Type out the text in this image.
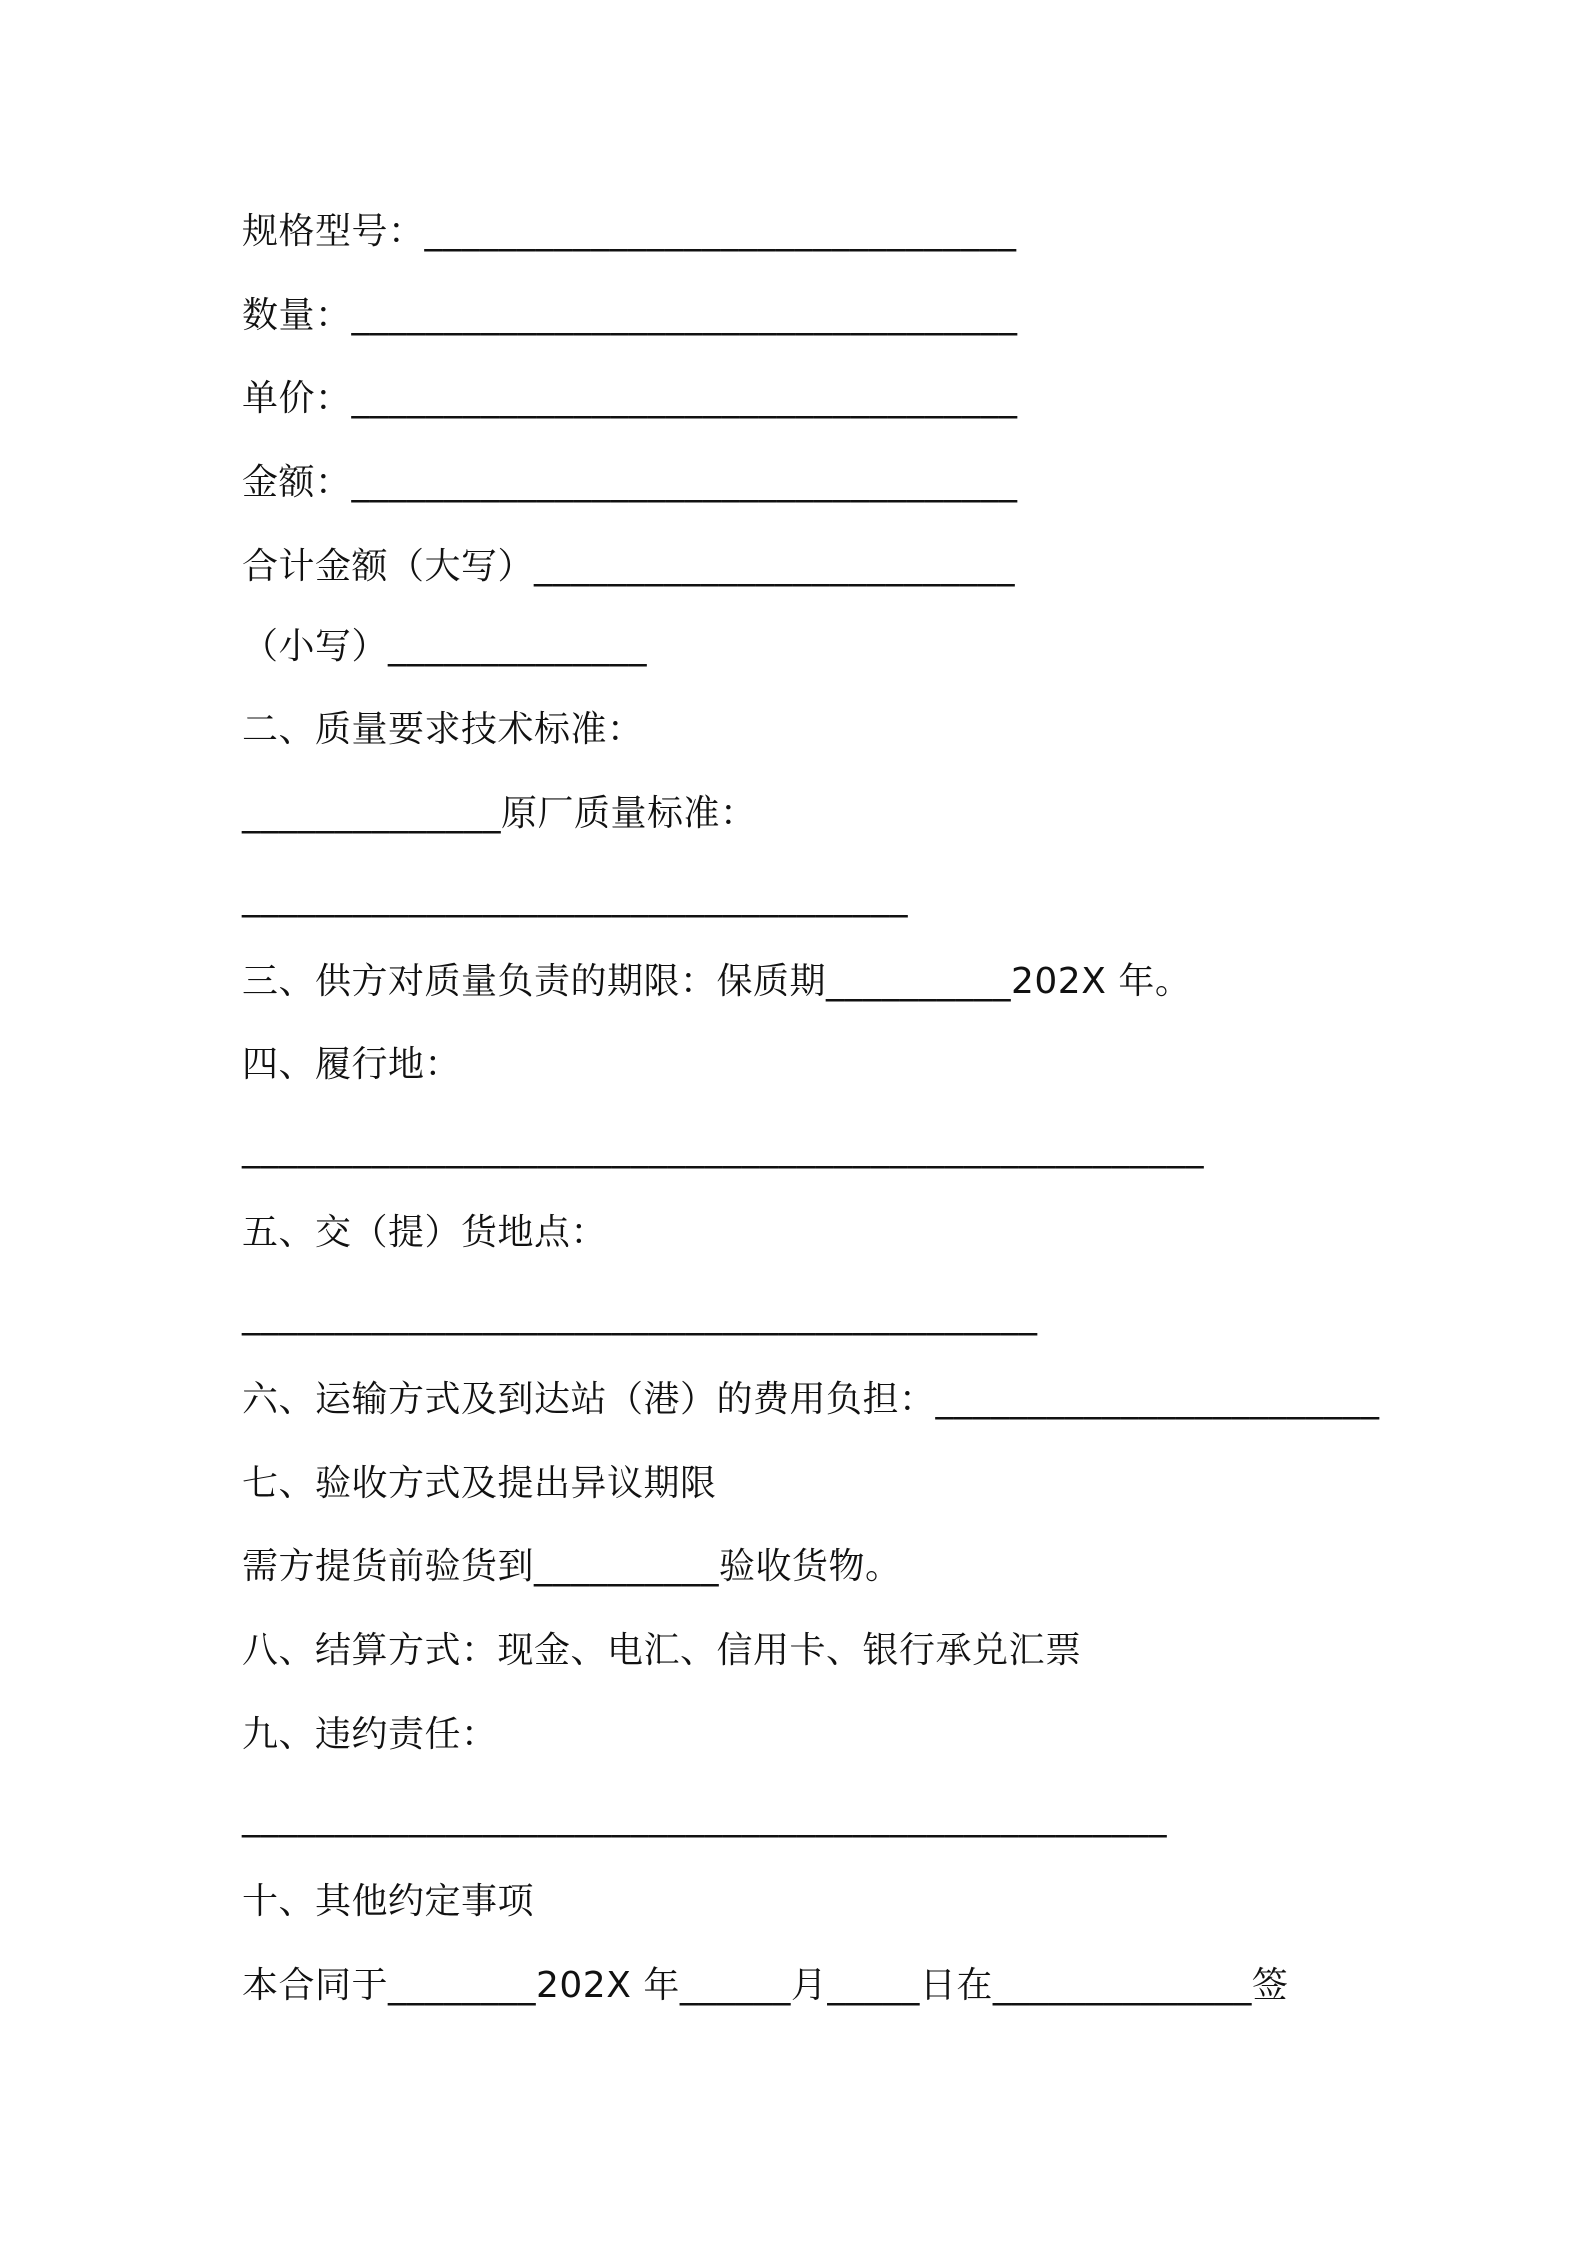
规格型号：________________________________
数量：____________________________________
单价：____________________________________
金额：____________________________________
合计金额（大写）__________________________
（小写）______________
二、质量要求技术标准：
______________原厂质量标准：
____________________________________
三、供方对质量负责的期限：保质期__________202X 年。
四、履行地：
____________________________________________________
五、交（提）货地点：
___________________________________________
六、运输方式及到达站（港）的费用负担：________________________
七、验收方式及提出异议期限
需方提货前验货到__________验收货物。
八、结算方式：现金、电汇、信用卡、银行承兑汇票
九、违约责任：
__________________________________________________
十、其他约定事项
本合同于________202X 年______月_____日在______________签
